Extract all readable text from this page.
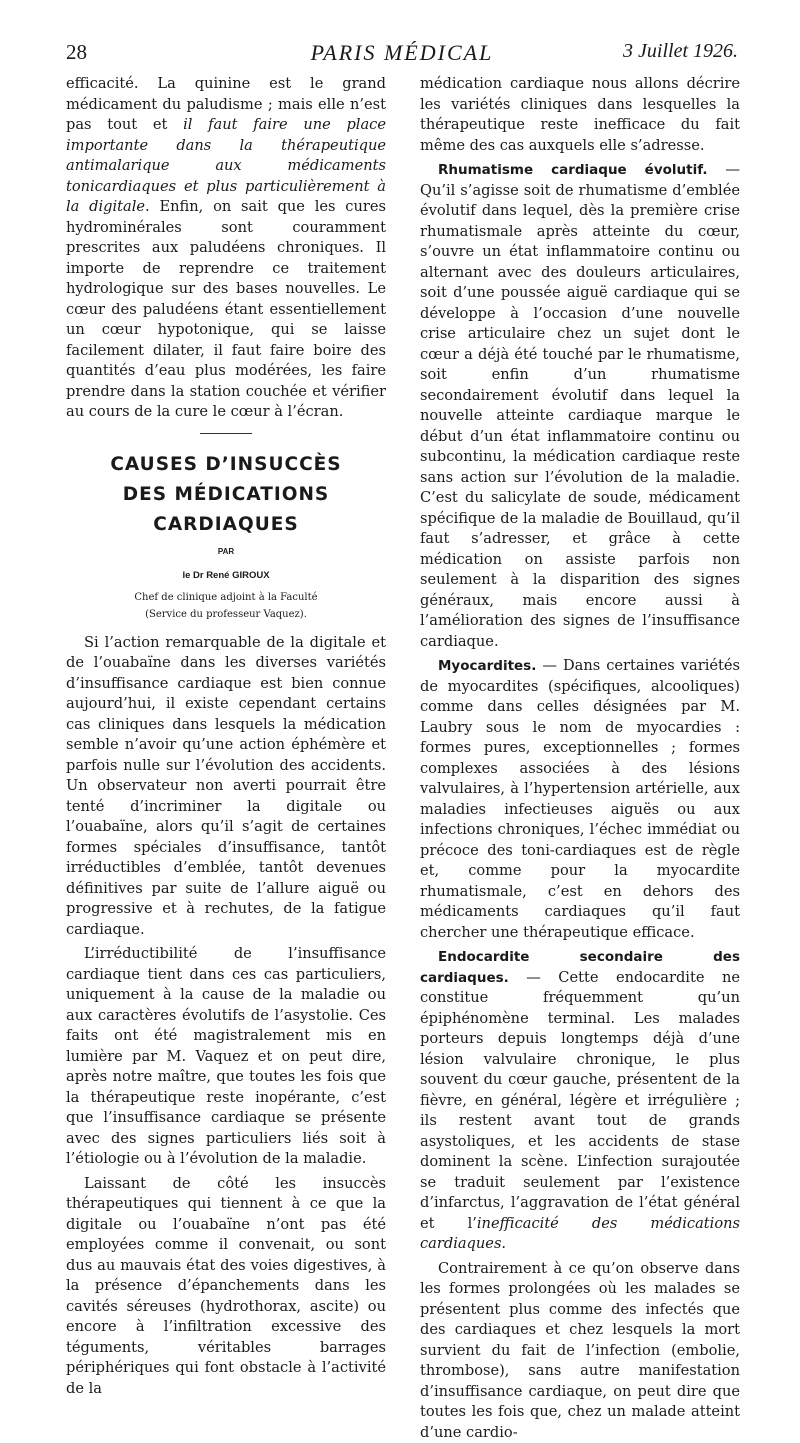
28	PARIS MÉDICAL	3 Juillet 1926.

efficacité. La quinine est le grand médicament du paludisme ; mais elle n’est pas tout et il faut faire une place importante dans la thérapeutique antimalarique aux médicaments tonicardiaques et plus particulièrement à la digitale. Enfin, on sait que les cures hydrominérales sont couramment prescrites aux paludéens chroniques. Il importe de reprendre ce traitement hydrologique sur des bases nouvelles. Le cœur des paludéens étant essentiellement un cœur hypotonique, qui se laisse facilement dilater, il faut faire boire des quantités d’eau plus modérées, les faire prendre dans la station couchée et vérifier au cours de la cure le cœur à l’écran.

CAUSES D’INSUCCÈS

DES MÉDICATIONS

CARDIAQUES

PAR

le Dr René GIROUX

Chef de clinique adjoint à la Faculté

(Service du professeur Vaquez).

Si l’action remarquable de la digitale et de l’ouabaïne dans les diverses variétés d’insuffisance cardiaque est bien connue aujourd’hui, il existe cependant certains cas cliniques dans lesquels la médication semble n’avoir qu’une action éphémère et parfois nulle sur l’évolution des accidents. Un observateur non averti pourrait être tenté d’incriminer la digitale ou l’ouabaïne, alors qu’il s’agit de certaines formes spéciales d’insuffisance, tantôt irréductibles d’emblée, tantôt devenues définitives par suite de l’allure aiguë ou progressive et à rechutes, de la fatigue cardiaque.

L’irréductibilité de l’insuffisance cardiaque tient dans ces cas particuliers, uniquement à la cause de la maladie ou aux caractères évolutifs de l’asystolie. Ces faits ont été magistralement mis en lumière par M. Vaquez et on peut dire, après notre maître, que toutes les fois que la thérapeutique reste inopérante, c’est que l’insuffisance cardiaque se présente avec des signes particuliers liés soit à l’étiologie ou à l’évolution de la maladie.

Laissant de côté les insuccès thérapeutiques qui tiennent à ce que la digitale ou l’ouabaïne n’ont pas été employées comme il convenait, ou sont dus au mauvais état des voies digestives, à la présence d’épanchements dans les cavités séreuses (hydrothorax, ascite) ou encore à l’infiltration excessive des téguments, véritables barrages périphériques qui font obstacle à l’activité de la

médication cardiaque nous allons décrire les variétés cliniques dans lesquelles la thérapeutique reste inefficace du fait même des cas auxquels elle s’adresse.

Rhumatisme cardiaque évolutif. — Qu’il s’agisse soit de rhumatisme d’emblée évolutif dans lequel, dès la première crise rhumatismale après atteinte du cœur, s’ouvre un état inflammatoire continu ou alternant avec des douleurs articulaires, soit d’une poussée aiguë cardiaque qui se développe à l’occasion d’une nouvelle crise articulaire chez un sujet dont le cœur a déjà été touché par le rhumatisme, soit enfin d’un rhumatisme secondairement évolutif dans lequel la nouvelle atteinte cardiaque marque le début d’un état inflammatoire continu ou subcontinu, la médication cardiaque reste sans action sur l’évolution de la maladie. C’est du salicylate de soude, médicament spécifique de la maladie de Bouillaud, qu’il faut s’adresser, et grâce à cette médication on assiste parfois non seulement à la disparition des signes généraux, mais encore aussi à l’amélioration des signes de l’insuffisance cardiaque.

Myocardites. — Dans certaines variétés de myocardites (spécifiques, alcooliques) comme dans celles désignées par M. Laubry sous le nom de myocardies : formes pures, exceptionnelles ; formes complexes associées à des lésions valvulaires, à l’hypertension artérielle, aux maladies infectieuses aiguës ou aux infections chroniques, l’échec immédiat ou précoce des toni-cardiaques est de règle et, comme pour la myocardite rhumatismale, c’est en dehors des médicaments cardiaques qu’il faut chercher une thérapeutique efficace.

Endocardite secondaire des cardiaques. — Cette endocardite ne constitue fréquemment qu’un épiphénomène terminal. Les malades porteurs depuis longtemps déjà d’une lésion valvulaire chronique, le plus souvent du cœur gauche, présentent de la fièvre, en général, légère et irrégulière ; ils restent avant tout de grands asystoliques, et les accidents de stase dominent la scène. L’infection surajoutée se traduit seulement par l’existence d’infarctus, l’aggravation de l’état général et l’inefficacité des médications cardiaques.

Contrairement à ce qu’on observe dans les formes prolongées où les malades se présentent plus comme des infectés que des cardiaques et chez lesquels la mort survient du fait de l’infection (embolie, thrombose), sans autre manifestation d’insuffisance cardiaque, on peut dire que toutes les fois que, chez un malade atteint d’une cardio-
